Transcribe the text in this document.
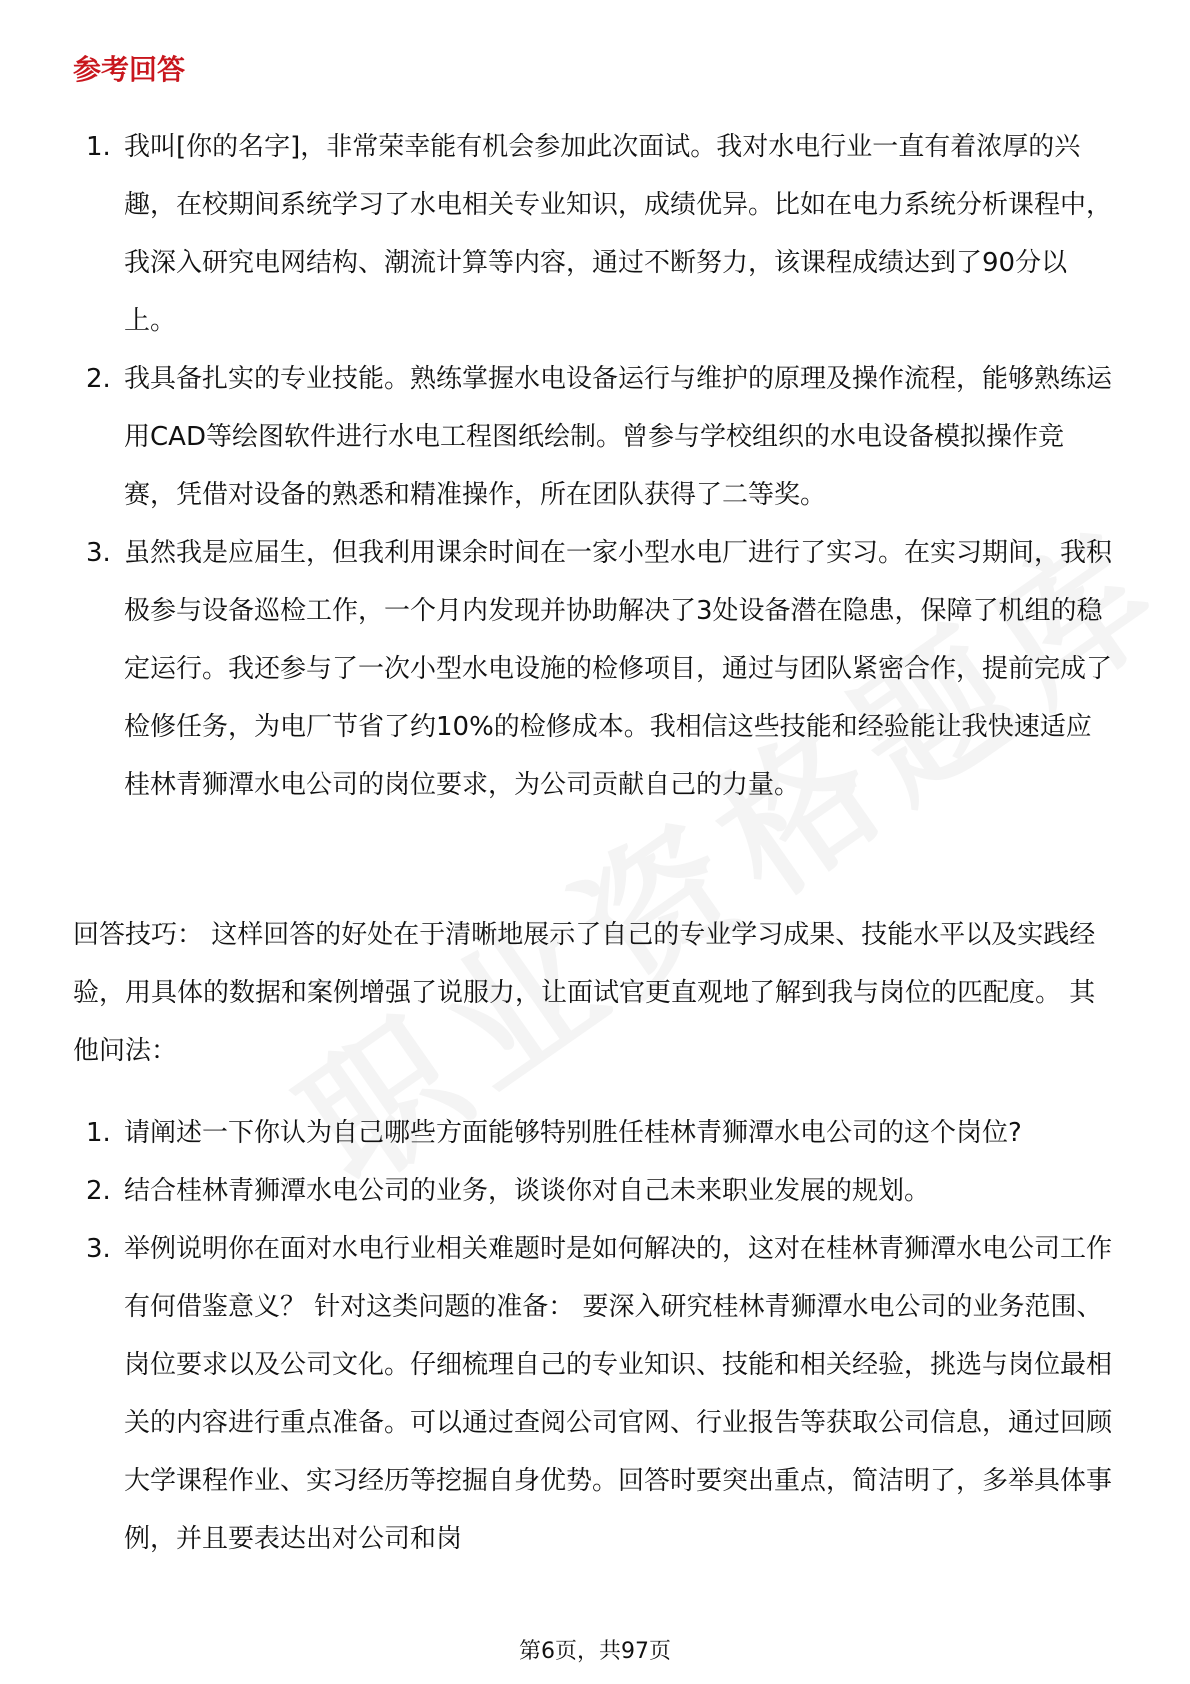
参考回答
1. 我叫[你的名字]，非常荣幸能有机会参加此次面试。我对水电行业一直有着浓厚的兴趣，在校期间系统学习了水电相关专业知识，成绩优异。比如在电力系统分析课程中，我深入研究电网结构、潮流计算等内容，通过不断努力，该课程成绩达到了90分以上。
2. 我具备扎实的专业技能。熟练掌握水电设备运行与维护的原理及操作流程，能够熟练运用CAD等绘图软件进行水电工程图纸绘制。曾参与学校组织的水电设备模拟操作竞赛，凭借对设备的熟悉和精准操作，所在团队获得了二等奖。
3. 虽然我是应届生，但我利用课余时间在一家小型水电厂进行了实习。在实习期间，我积极参与设备巡检工作，一个月内发现并协助解决了3处设备潜在隐患，保障了机组的稳定运行。我还参与了一次小型水电设施的检修项目，通过与团队紧密合作，提前完成了检修任务，为电厂节省了约10%的检修成本。我相信这些技能和经验能让我快速适应桂林青狮潭水电公司的岗位要求，为公司贡献自己的力量。

回答技巧： 这样回答的好处在于清晰地展示了自己的专业学习成果、技能水平以及实践经验，用具体的数据和案例增强了说服力，让面试官更直观地了解到我与岗位的匹配度。 其他问法：

1. 请阐述一下你认为自己哪些方面能够特别胜任桂林青狮潭水电公司的这个岗位?
2. 结合桂林青狮潭水电公司的业务，谈谈你对自己未来职业发展的规划。
3. 举例说明你在面对水电行业相关难题时是如何解决的，这对在桂林青狮潭水电公司工作有何借鉴意义？ 针对这类问题的准备： 要深入研究桂林青狮潭水电公司的业务范围、岗位要求以及公司文化。仔细梳理自己的专业知识、技能和相关经验，挑选与岗位最相关的内容进行重点准备。可以通过查阅公司官网、行业报告等获取公司信息，通过回顾大学课程作业、实习经历等挖掘自身优势。回答时要突出重点，简洁明了，多举具体事例，并且要表达出对公司和岗
第6页，共97页
